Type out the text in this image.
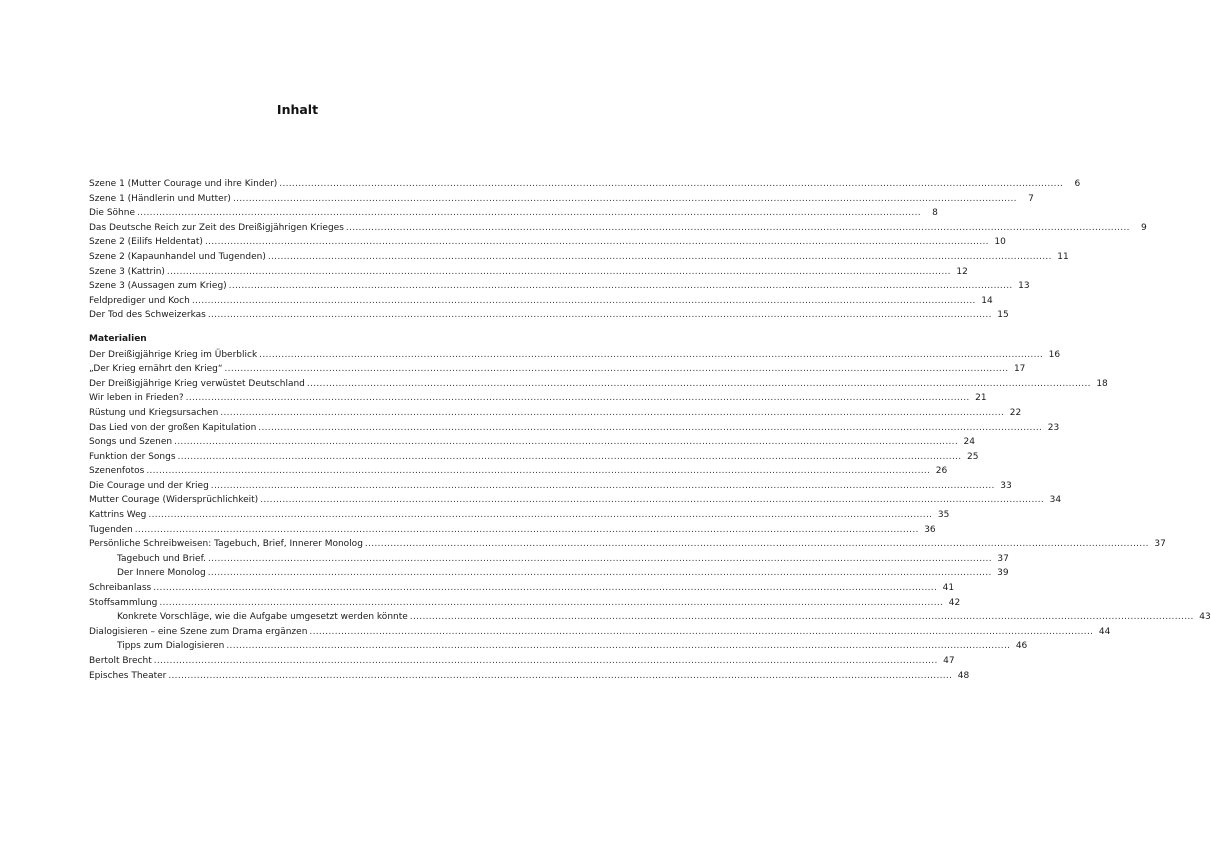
Inhalt
Szene 1 (Mutter Courage und ihre Kinder) .....	6
Szene 1 (Händlerin und Mutter) .....	7
Die Söhne .....	8
Das Deutsche Reich zur Zeit des Dreißigjährigen Krieges .....	9
Szene 2 (Eilifs Heldentat) .....	10
Szene 2 (Kapaunhandel und Tugenden) .....	11
Szene 3 (Kattrin) .....	12
Szene 3 (Aussagen zum Krieg) .....	13
Feldprediger und Koch .....	14
Der Tod des Schweizerkas .....	15
Materialien
Der Dreißigjährige Krieg im Überblick .....	16
„Der Krieg ernährt den Krieg“ .....	17
Der Dreißigjährige Krieg verwüstet Deutschland .....	18
Wir leben in Frieden? .....	21
Rüstung und Kriegsursachen .....	22
Das Lied von der großen Kapitulation .....	23
Songs und Szenen .....	24
Funktion der Songs .....	25
Szenenfotos .....	26
Die Courage und der Krieg .....	33
Mutter Courage (Widersprüchlichkeit) .....	34
Kattrins Weg .....	35
Tugenden .....	36
Persönliche Schreibweisen: Tagebuch, Brief, Innerer Monolog .....	37
Tagebuch und Brief. .....	37
Der Innere Monolog .....	39
Schreibanlass .....	41
Stoffsammlung .....	42
Konkrete Vorschläge, wie die Aufgabe umgesetzt werden könnte .....	43
Dialogisieren – eine Szene zum Drama ergänzen .....	44
Tipps zum Dialogisieren .....	46
Bertolt Brecht .....	47
Episches Theater .....	48
